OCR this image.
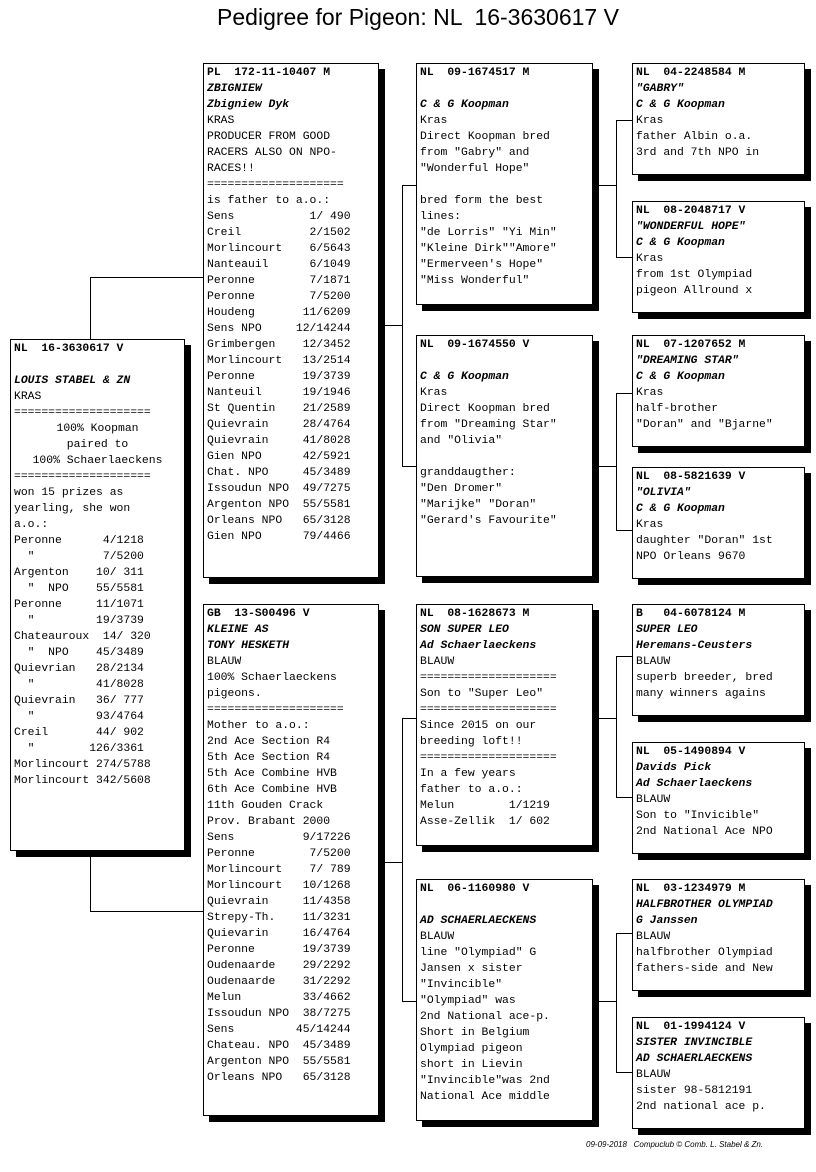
Pedigree for Pigeon: NL  16-3630617 V
NL  16-3630617 V
LOUIS STABEL & ZN
KRAS
====================
100% Koopman
paired to
100% Schaerlaeckens
====================
won 15 prizes as
yearling, she won
a.o.:
Peronne      4/1218
"          7/5200
Argenton    10/ 311
"  NPO    55/5581
Peronne     11/1071
"         19/3739
Chateauroux  14/ 320
"  NPO    45/3489
Quievrian   28/2134
"         41/8028
Quievrain   36/ 777
"         93/4764
Creil       44/ 902
"        126/3361
Morlincourt 274/5788
Morlincourt 342/5608
PL  172-11-10407 M
ZBIGNIEW
Zbigniew Dyk
KRAS
PRODUCER FROM GOOD
RACERS ALSO ON NPO-
RACES!!
====================
is father to a.o.:
Sens           1/ 490
Creil          2/1502
Morlincourt    6/5643
Nanteauil      6/1049
Peronne        7/1871
Peronne        7/5200
Houdeng       11/6209
Sens NPO     12/14244
Grimbergen    12/3452
Morlincourt   13/2514
Peronne       19/3739
Nanteuil      19/1946
St Quentin    21/2589
Quievrain     28/4764
Quievrain     41/8028
Gien NPO      42/5921
Chat. NPO     45/3489
Issoudun NPO  49/7275
Argenton NPO  55/5581
Orleans NPO   65/3128
Gien NPO      79/4466
GB  13-S00496 V
KLEINE AS
TONY HESKETH
BLAUW
100% Schaerlaeckens
pigeons.
====================
Mother to a.o.:
2nd Ace Section R4
5th Ace Section R4
5th Ace Combine HVB
6th Ace Combine HVB
11th Gouden Crack
Prov. Brabant 2000
Sens          9/17226
Peronne        7/5200
Morlincourt    7/ 789
Morlincourt   10/1268
Quievrain     11/4358
Strepy-Th.    11/3231
Quievarin     16/4764
Peronne       19/3739
Oudenaarde    29/2292
Oudenaarde    31/2292
Melun         33/4662
Issoudun NPO  38/7275
Sens         45/14244
Chateau. NPO  45/3489
Argenton NPO  55/5581
Orleans NPO   65/3128
NL  09-1674517 M
C & G Koopman
Kras
Direct Koopman bred
from "Gabry" and
"Wonderful Hope"
bred form the best
lines:
"de Lorris" "Yi Min"
"Kleine Dirk""Amore"
"Ermerveen's Hope"
"Miss Wonderful"
NL  09-1674550 V
C & G Koopman
Kras
Direct Koopman bred
from "Dreaming Star"
and "Olivia"
granddaugther:
"Den Dromer"
"Marijke" "Doran"
"Gerard's Favourite"
NL  08-1628673 M
SON SUPER LEO
Ad Schaerlaeckens
BLAUW
====================
Son to "Super Leo"
====================
Since 2015 on our
breeding loft!!
====================
In a few years
father to a.o.:
Melun        1/1219
Asse-Zellik  1/ 602
NL  06-1160980 V
AD SCHAERLAECKENS
BLAUW
line "Olympiad" G
Jansen x sister
"Invincible"
"Olympiad" was
2nd National ace-p.
Short in Belgium
Olympiad pigeon
short in Lievin
"Invincible"was 2nd
National Ace middle
NL  04-2248584 M
"GABRY"
C & G Koopman
Kras
father Albin o.a.
3rd and 7th NPO in
NL  08-2048717 V
"WONDERFUL HOPE"
C & G Koopman
Kras
from 1st Olympiad
pigeon Allround x
NL  07-1207652 M
"DREAMING STAR"
C & G Koopman
Kras
half-brother
"Doran" and "Bjarne"
NL  08-5821639 V
"OLIVIA"
C & G Koopman
Kras
daughter "Doran" 1st
NPO Orleans 9670
B   04-6078124 M
SUPER LEO
Heremans-Ceusters
BLAUW
superb breeder, bred
many winners agains
NL  05-1490894 V
Davids Pick
Ad Schaerlaeckens
BLAUW
Son to "Invicible"
2nd National Ace NPO
NL  03-1234979 M
HALFBROTHER OLYMPIAD
G Janssen
BLAUW
halfbrother Olympiad
fathers-side and New
NL  01-1994124 V
SISTER INVINCIBLE
AD SCHAERLAECKENS
BLAUW
sister 98-5812191
2nd national ace p.
09-09-2018   Compuclub © Comb. L. Stabel & Zn.
